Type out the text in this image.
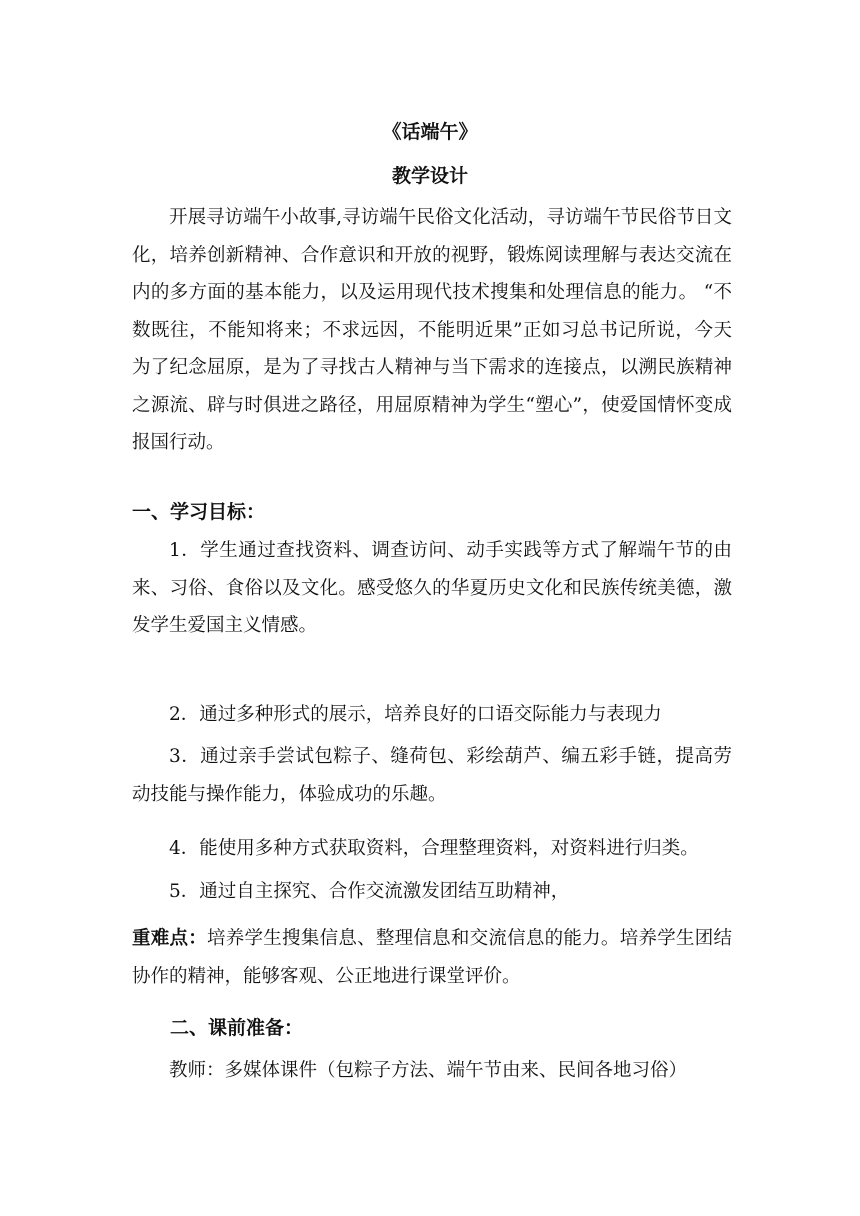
《话端午》
教学设计

开展寻访端午小故事,寻访端午民俗文化活动，寻访端午节民俗节日文化，培养创新精神、合作意识和开放的视野，锻炼阅读理解与表达交流在内的多方面的基本能力，以及运用现代技术搜集和处理信息的能力。 “不数既往，不能知将来；不求远因，不能明近果”正如习总书记所说，今天为了纪念屈原，是为了寻找古人精神与当下需求的连接点，以溯民族精神之源流、辟与时俱进之路径，用屈原精神为学生“塑心”，使爱国情怀变成报国行动。

一、学习目标：
1．学生通过查找资料、调查访问、动手实践等方式了解端午节的由来、习俗、食俗以及文化。感受悠久的华夏历史文化和民族传统美德，激发学生爱国主义情感。
2．通过多种形式的展示，培养良好的口语交际能力与表现力
3．通过亲手尝试包粽子、缝荷包、彩绘葫芦、编五彩手链，提高劳动技能与操作能力，体验成功的乐趣。
4．能使用多种方式获取资料，合理整理资料，对资料进行归类。
5．通过自主探究、合作交流激发团结互助精神，
重难点：培养学生搜集信息、整理信息和交流信息的能力。培养学生团结协作的精神，能够客观、公正地进行课堂评价。
二、课前准备：
教师：多媒体课件（包粽子方法、端午节由来、民间各地习俗）
